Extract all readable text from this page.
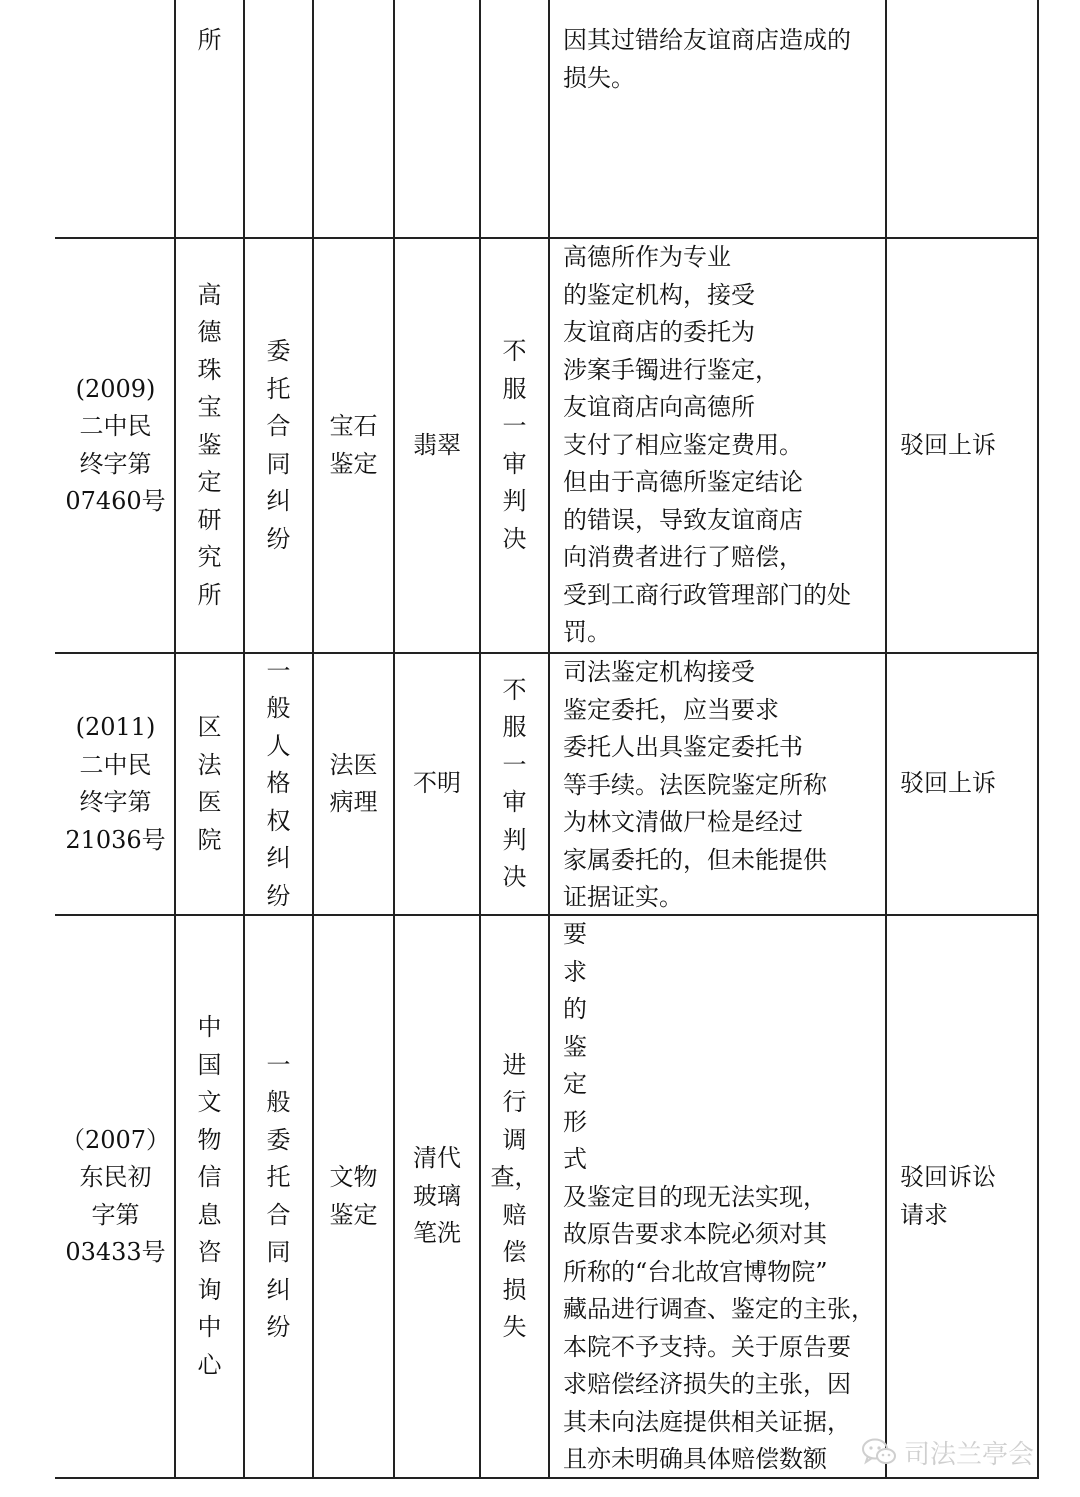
所	因其过错给友谊商店造成的
损失。
(2009)
二中民
终字第
07460号
高
德
珠
宝
鉴
定
研
究
所
委
托
合
同
纠
纷
宝石
鉴定
翡翠
不
服
一
审
判
决
高德所作为专业
的鉴定机构，接受
友谊商店的委托为
涉案手镯进行鉴定，
友谊商店向高德所
支付了相应鉴定费用。
但由于高德所鉴定结论
的错误，导致友谊商店
向消费者进行了赔偿，
受到工商行政管理部门的处
罚。
驳回上诉
(2011)
二中民
终字第
21036号
区
法
医
院
一
般
人
格
权
纠
纷
法医
病理
不明
不
服
一
审
判
决
司法鉴定机构接受
鉴定委托，应当要求
委托人出具鉴定委托书
等手续。法医院鉴定所称
为林文清做尸检是经过
家属委托的，但未能提供
证据证实。
驳回上诉
（2007）
东民初
字第
03433号
中
国
文
物
信
息
咨
询
中
心
一
般
委
托
合
同
纠
纷
文物
鉴定
清代
玻璃
笔洗
进
行
调
查，
赔
偿
损
失
要
求
的
鉴
定
形
式
及鉴定目的现无法实现，
故原告要求本院必须对其
所称的“台北故宫博物院”
藏品进行调查、鉴定的主张，
本院不予支持。关于原告要
求赔偿经济损失的主张，因
其未向法庭提供相关证据，
且亦未明确具体赔偿数额
驳回诉讼
请求
司法兰亭会
